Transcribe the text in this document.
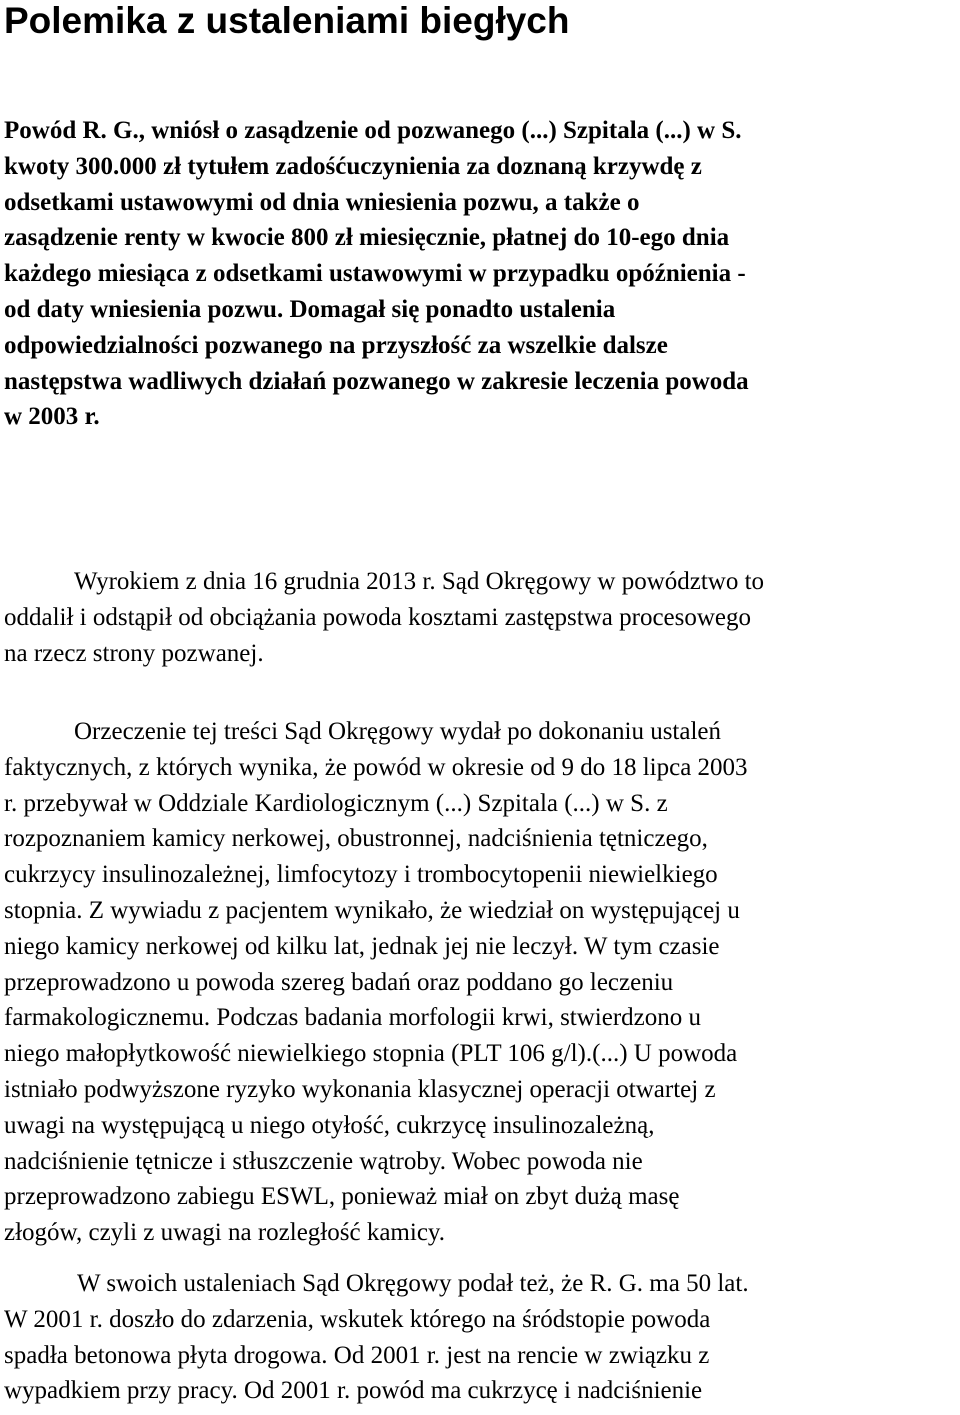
Polemika z ustaleniami biegłych
Powód R. G., wniósł o zasądzenie od pozwanego (...) Szpitala (...) w S.
kwoty 300.000 zł tytułem zadośćuczynienia za doznaną krzywdę z
odsetkami ustawowymi od dnia wniesienia pozwu, a także o
zasądzenie renty w kwocie 800 zł miesięcznie, płatnej do 10-ego dnia
każdego miesiąca z odsetkami ustawowymi w przypadku opóźnienia -
od daty wniesienia pozwu. Domagał się ponadto ustalenia
odpowiedzialności pozwanego na przyszłość za wszelkie dalsze
następstwa wadliwych działań pozwanego w zakresie leczenia powoda
w 2003 r.
Wyrokiem z dnia 16 grudnia 2013 r. Sąd Okręgowy w powództwo to
oddalił i odstąpił od obciążania powoda kosztami zastępstwa procesowego
na rzecz strony pozwanej.
Orzeczenie tej treści Sąd Okręgowy wydał po dokonaniu ustaleń
faktycznych, z których wynika, że powód w okresie od 9 do 18 lipca 2003
r. przebywał w Oddziale Kardiologicznym (...) Szpitala (...) w S. z
rozpoznaniem kamicy nerkowej, obustronnej, nadciśnienia tętniczego,
cukrzycy insulinozależnej, limfocytozy i trombocytopenii niewielkiego
stopnia. Z wywiadu z pacjentem wynikało, że wiedział on występującej u
niego kamicy nerkowej od kilku lat, jednak jej nie leczył. W tym czasie
przeprowadzono u powoda szereg badań oraz poddano go leczeniu
farmakologicznemu. Podczas badania morfologii krwi, stwierdzono u
niego małopłytkowość niewielkiego stopnia (PLT 106 g/l).(...) U powoda
istniało podwyższone ryzyko wykonania klasycznej operacji otwartej z
uwagi na występującą u niego otyłość, cukrzycę insulinozależną,
nadciśnienie tętnicze i stłuszczenie wątroby. Wobec powoda nie
przeprowadzono zabiegu ESWL, ponieważ miał on zbyt dużą masę
złogów, czyli z uwagi na rozległość kamicy.
W swoich ustaleniach Sąd Okręgowy podał też, że R. G. ma 50 lat.
W 2001 r. doszło do zdarzenia, wskutek którego na śródstopie powoda
spadła betonowa płyta drogowa. Od 2001 r. jest na rencie w związku z
wypadkiem przy pracy. Od 2001 r. powód ma cukrzycę i nadciśnienie
